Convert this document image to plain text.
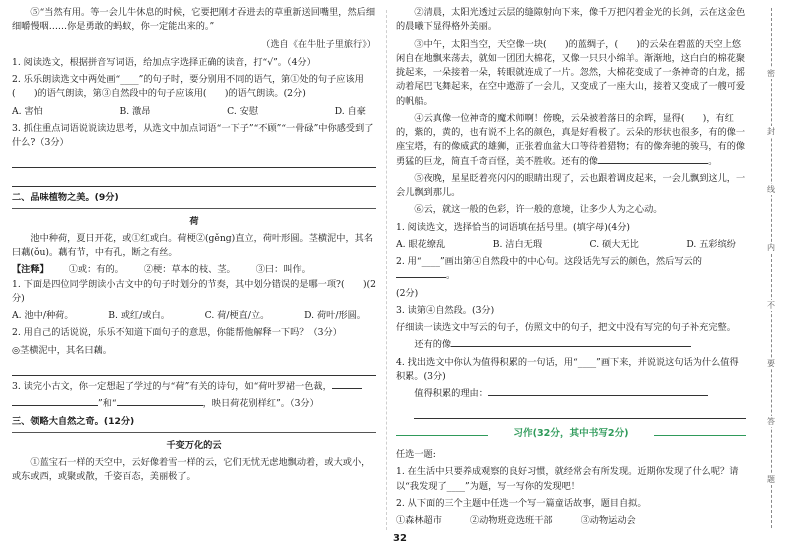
⑤“当然有用。等一会儿牛休息的时候，它要把刚才吞进去的草重新送回嘴里，然后细细嚼慢咽……你是勇敢的蚂蚁，你一定能出来的。”

（选自《在牛肚子里旅行》）

1. 阅读选文，根据拼音写词语，给加点字选择正确的读音，打“√”。（4分）

2. 乐乐朗读选文中两处画“____”的句子时，要分别用不同的语气，第①处的句子应该用(　　)的语气朗读，第③自然段中的句子应该用(　　)的语气朗读。(2分)

A. 害怕	B. 激昂	C. 安慰	D. 自豪

3. 抓住重点词语说说读边思考，从选文中加点词语“一下子”“不顾”“一骨碌”中你感受到了什么?（3分）

二、品味植物之美。(9分)
荷

池中种荷，夏日开花，或①红或白。荷梗②(gěng)直立，荷叶形圆。茎横泥中，其名曰藕(ǒu)。藕有节，中有孔，断之有丝。

【注释】 ①或：有的。 ②梗：草本的枝、茎。 ③曰：叫作。

1. 下面是四位同学朗读小古文中的句子时划分的节奏，其中划分错误的是哪一项?(　　)(2分)

A. 池中/种荷。	B. 或红/或白。	C. 荷/梗直/立。	D. 荷叶/形圆。

2. 用自己的话说说，乐乐不知道下面句子的意思，你能帮他解释一下吗？（3分）

◎茎横泥中，其名曰藕。

3. 读完小古文，你一定想起了学过的与“荷”有关的诗句，如“荷叶罗裙一色裁，

”和“	，映日荷花别样红”。（3分）

三、领略大自然之奇。(12分)
千变万化的云

①蓝宝石一样的天空中，云好像着雪一样的云，它们无忧无虑地飘动着，或大或小，或东或西，或聚或散，千姿百态，美丽极了。

②清晨，太阳光透过云层的缝隙射向下来，像千万把闪着金光的长剑，云在这金色的晨曦下显得格外美丽。

③中午，太阳当空，天空像一块(　　)的蓝绸子，(　　)的云朵在碧蓝的天空上悠闲自在地飘来荡去，就如一团团大棉花，又像一只只小绵羊。渐渐地，这白白的棉花聚拢起来，一朵接着一朵，转眼就连成了一片。忽然，大棉花变成了一条神奇的白龙，摇动着尾巴飞舞起来，在空中遨游了一会儿，又变成了一座大山，接着又变成了一艘可爱的帆船。

④云真像一位神奇的魔术师啊！傍晚，云朵被着落日的余晖，显得(　　)，有红的，紫的，黄的，也有说不上名的颜色，真是好看极了。云朵的形状也很多，有的像一座宝塔，有的像威武的雄狮，正张着血盆大口等待着猎物；有的像奔驰的骏马，有的像勇猛的巨龙，简直千奇百怪，美不胜收。还有的像	。

⑤夜晚，星星眨着亮闪闪的眼睛出现了，云也跟着调皮起来，一会儿飘到这儿，一会儿飘到那儿。

⑥云，就这一般的色彩，许一般的意境，让多少人为之心动。

1. 阅读选文，选择恰当的词语填在括号里。(填字母)(4分)

A. 眼花缭乱	B. 洁白无瑕	C. 硕大无比	D. 五彩缤纷

2. 用“____”画出第④自然段中的中心句。这段话先写云的颜色，然后写云的。

(2分)

3. 读第④自然段。(3分)

仔细读一读选文中写云的句子，仿照文中的句子，把文中没有写完的句子补充完整。

还有的像

4. 找出选文中你认为值得积累的一句话，用“____”画下来，并说说这句话为什么值得积累。(3分)

值得积累的理由：

习作(32分，其中书写2分)

任选一题:

1. 在生活中只要养成观察的良好习惯，就经常会有所发现。近期你发现了什么呢？请以“我发现了____”为题，写一写你的发现吧！

2. 从下面的三个主题中任选一个写一篇童话故事，题目自拟。

①森林超市	②动物班竞选班干部	③动物运动会
密
封
线
内
不
要
答
题
32
